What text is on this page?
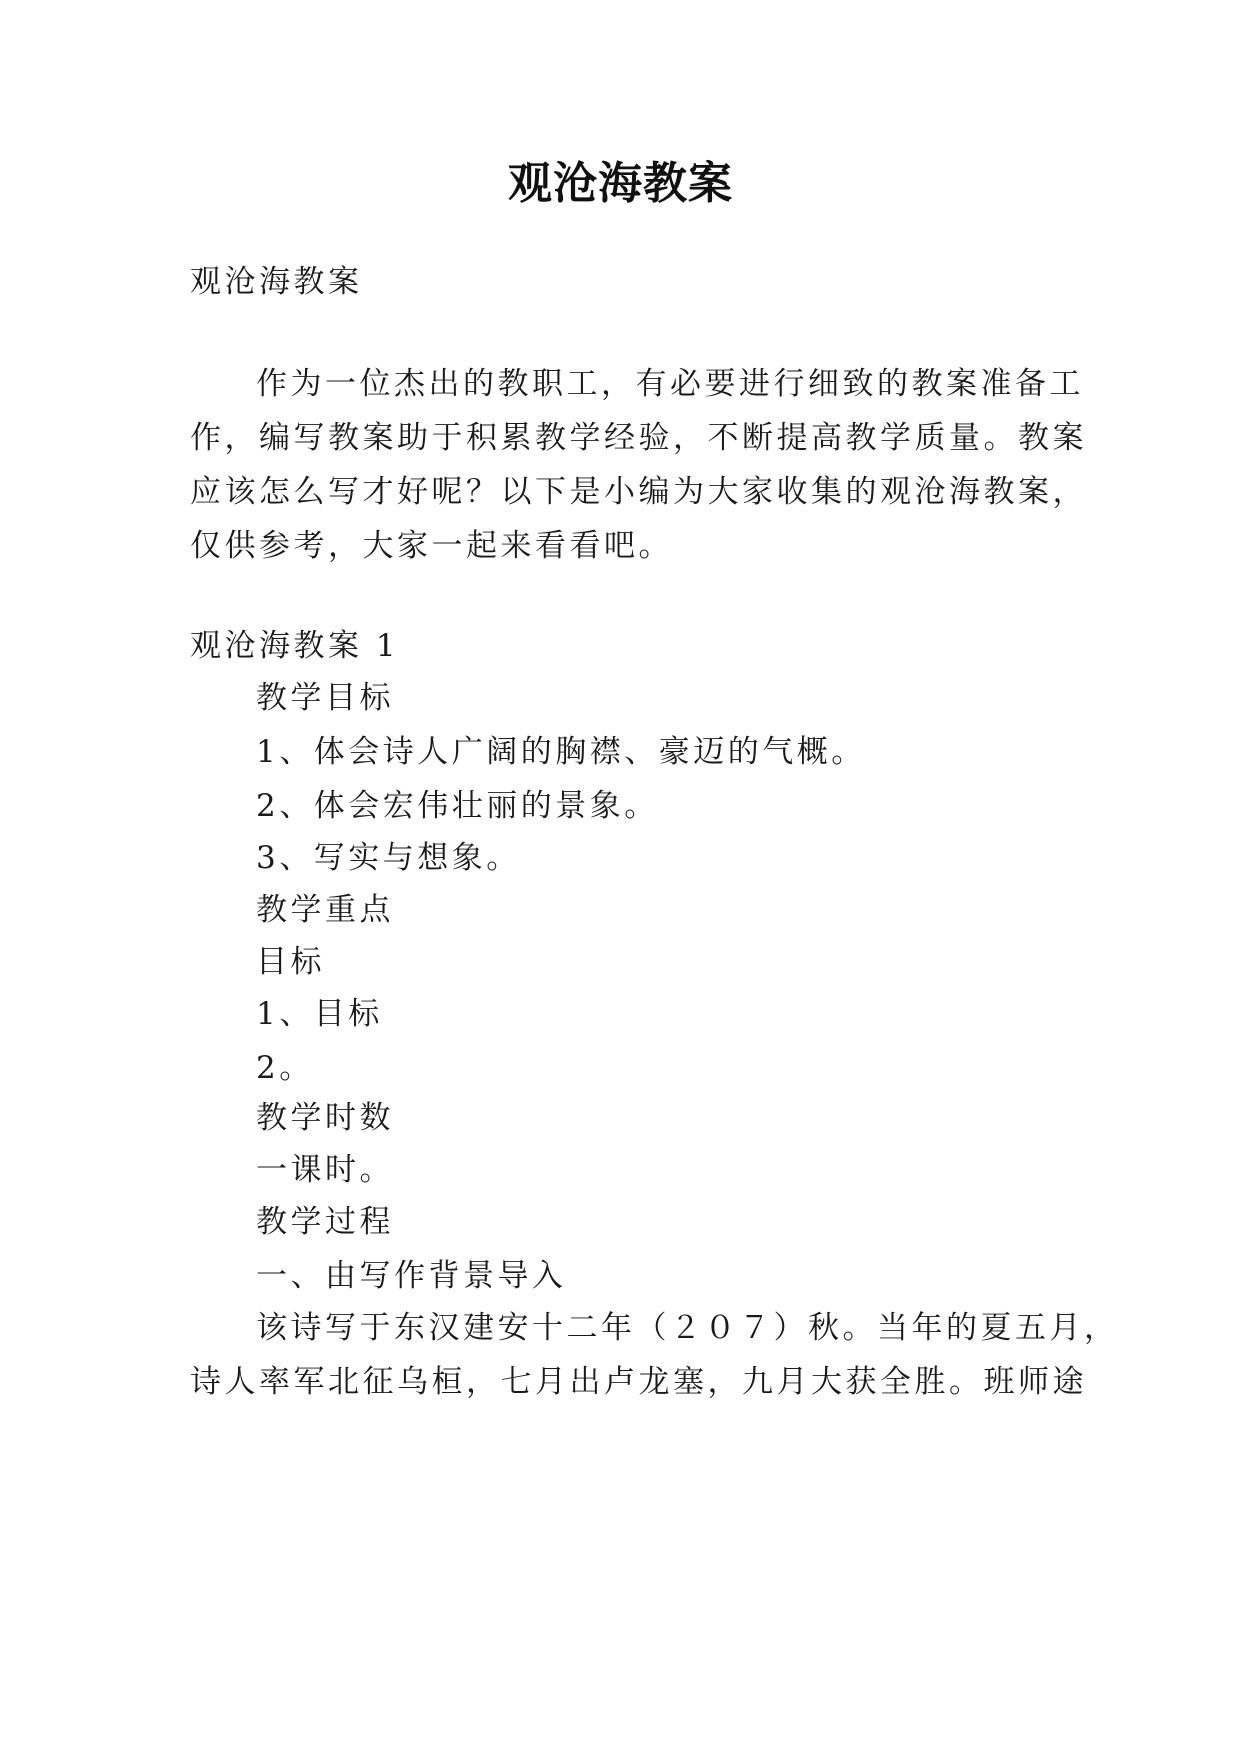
观沧海教案
观沧海教案
作为一位杰出的教职工，有必要进行细致的教案准备工
作，编写教案助于积累教学经验，不断提高教学质量。教案
应该怎么写才好呢？以下是小编为大家收集的观沧海教案，
仅供参考，大家一起来看看吧。
观沧海教案 1
教学目标
1、体会诗人广阔的胸襟、豪迈的气概。
2、体会宏伟壮丽的景象。
3、写实与想象。
教学重点
目标
1、目标
2。
教学时数
一课时。
教学过程
一、由写作背景导入
该诗写于东汉建安十二年（２０７）秋。当年的夏五月，
诗人率军北征乌桓，七月出卢龙塞，九月大获全胜。班师途
